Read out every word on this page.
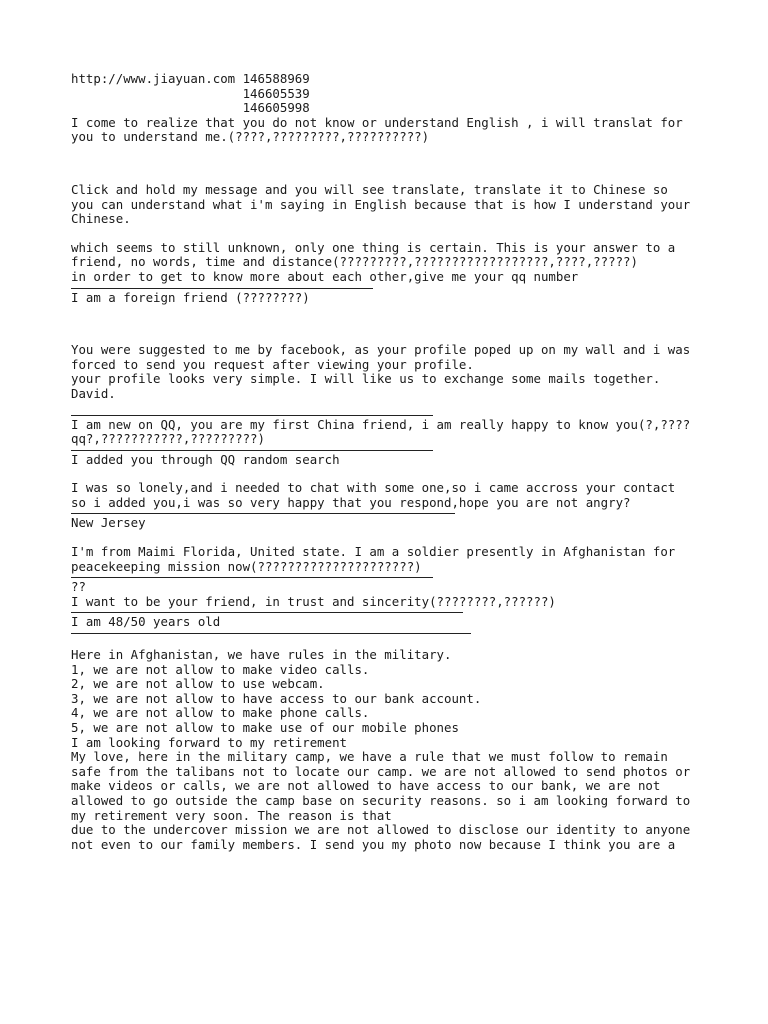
http://www.jiayuan.com 146588969
146605539
146605998
I come to realize that you do not know or understand English , i will translat for
you to understand me.(????,?????????,??????????)
Click and hold my message and you will see translate, translate it to Chinese so
you can understand what i'm saying in English because that is how I understand your
Chinese.
which seems to still unknown, only one thing is certain. This is your answer to a
friend, no words, time and distance(?????????,??????????????????,????,?????)
in order to get to know more about each other,give me your qq number
I am a foreign friend (????????)
You were suggested to me by facebook, as your profile poped up on my wall and i was
forced to send you request after viewing your profile.
your profile looks very simple. I will like us to exchange some mails together.
David.
I am new on QQ, you are my first China friend, i am really happy to know you(?,????
qq?,???????????,?????????)
I added you through QQ random search
I was so lonely,and i needed to chat with some one,so i came accross your contact
so i added you,i was so very happy that you respond,hope you are not angry?
New Jersey
I'm from Maimi Florida, United state. I am a soldier presently in Afghanistan for
peacekeeping mission now(?????????????????????)
??
I want to be your friend, in trust and sincerity(????????,??????)
I am 48/50 years old
Here in Afghanistan, we have rules in the military.
1, we are not allow to make video calls.
2, we are not allow to use webcam.
3, we are not allow to have access to our bank account.
4, we are not allow to make phone calls.
5, we are not allow to make use of our mobile phones
I am looking forward to my retirement
My love, here in the military camp, we have a rule that we must follow to remain
safe from the talibans not to locate our camp. we are not allowed to send photos or
make videos or calls, we are not allowed to have access to our bank, we are not
allowed to go outside the camp base on security reasons. so i am looking forward to
my retirement very soon. The reason is that
due to the undercover mission we are not allowed to disclose our identity to anyone
not even to our family members. I send you my photo now because I think you are a
